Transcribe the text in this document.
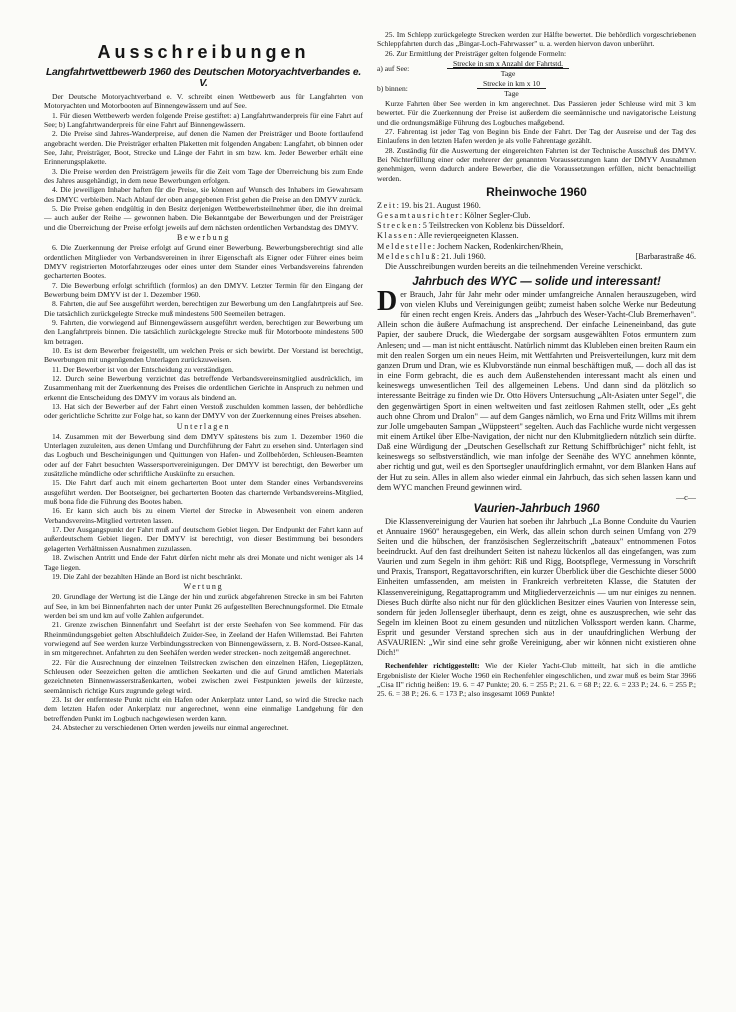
Ausschreibungen
Langfahrtwettbewerb 1960 des Deutschen Motoryachtverbandes e. V.

Der Deutsche Motoryachtverband e. V. schreibt einen Wettbewerb aus für Langfahrten von Motoryachten und Motorbooten auf Binnengewässern und auf See.

1. Für diesen Wettbewerb werden folgende Preise gestiftet: a) Langfahrtwanderpreis für eine Fahrt auf See; b) Langfahrtwanderpreis für eine Fahrt auf Binnengewässern.

2. Die Preise sind Jahres-Wanderpreise, auf denen die Namen der Preisträger und Boote fortlaufend angebracht werden. Die Preisträger erhalten Plaketten mit folgenden Angaben: Langfahrt, ob binnen oder See, Jahr, Preisträger, Boot, Strecke und Länge der Fahrt in sm bzw. km. Jeder Bewerber erhält eine Erinnerungsplakette.

3. Die Preise werden den Preisträgern jeweils für die Zeit vom Tage der Überreichung bis zum Ende des Jahres ausgehändigt, in dem neue Bewerbungen erfolgen.

4. Die jeweiligen Inhaber haften für die Preise, sie können auf Wunsch des Inhabers im Gewahrsam des DMYC verbleiben. Nach Ablauf der oben angegebenen Frist gehen die Preise an den DMYV zurück.

5. Die Preise gehen endgültig in den Besitz derjenigen Wettbewerbsteilnehmer über, die ihn dreimal — auch außer der Reihe — gewonnen haben. Die Bekanntgabe der Bewerbungen und der Preisträger und die Überreichung der Preise erfolgt jeweils auf dem nächsten ordentlichen Verbandstag des DMYV.

Bewerbung

6. Die Zuerkennung der Preise erfolgt auf Grund einer Bewerbung. Bewerbungsberechtigt sind alle ordentlichen Mitglieder von Verbandsvereinen in ihrer Eigenschaft als Eigner oder Führer eines beim DMYV registrierten Motorfahrzeuges oder eines unter dem Stander eines Verbandsvereins fahrenden gecharterten Bootes.

7. Die Bewerbung erfolgt schriftlich (formlos) an den DMYV. Letzter Termin für den Eingang der Bewerbung beim DMYV ist der 1. Dezember 1960.

8. Fahrten, die auf See ausgeführt werden, berechtigen zur Bewerbung um den Langfahrtpreis auf See. Die tatsächlich zurückgelegte Strecke muß mindestens 500 Seemeilen betragen.

9. Fahrten, die vorwiegend auf Binnengewässern ausgeführt werden, berechtigen zur Bewerbung um den Langfahrtpreis binnen. Die tatsächlich zurückgelegte Strecke muß für Motorboote mindestens 500 km betragen.

10. Es ist dem Bewerber freigestellt, um welchen Preis er sich bewirbt. Der Vorstand ist berechtigt, Bewerbungen mit ungenügenden Unterlagen zurückzuweisen.

11. Der Bewerber ist von der Entscheidung zu verständigen.

12. Durch seine Bewerbung verzichtet das betreffende Verbandsvereinsmitglied ausdrücklich, im Zusammenhang mit der Zuerkennung des Preises die ordentlichen Gerichte in Anspruch zu nehmen und erkennt die Entscheidung des DMYV im voraus als bindend an.

13. Hat sich der Bewerber auf der Fahrt einen Verstoß zuschulden kommen lassen, der behördliche oder gerichtliche Schritte zur Folge hat, so kann der DMYV von der Zuerkennung eines Preises absehen.

Unterlagen

14. Zusammen mit der Bewerbung sind dem DMYV spätestens bis zum 1. Dezember 1960 die Unterlagen zuzuleiten, aus denen Umfang und Durchführung der Fahrt zu ersehen sind. Unterlagen sind das Logbuch und Bescheinigungen und Quittungen von Hafen- und Zollbehörden, Schleusen-Beamten oder auf der Fahrt besuchten Wassersportvereinigungen. Der DMYV ist berechtigt, den Bewerber um zusätzliche mündliche oder schriftliche Auskünfte zu ersuchen.

15. Die Fahrt darf auch mit einem gecharterten Boot unter dem Stander eines Verbandsvereins ausgeführt werden. Der Bootseigner, bei gecharterten Booten das charternde Verbandsvereins-Mitglied, muß bona fide die Führung des Bootes haben.

16. Er kann sich auch bis zu einem Viertel der Strecke in Abwesenheit von einem anderen Verbandsvereins-Mitglied vertreten lassen.

17. Der Ausgangspunkt der Fahrt muß auf deutschem Gebiet liegen. Der Endpunkt der Fahrt kann auf außerdeutschem Gebiet liegen. Der DMYV ist berechtigt, von dieser Bestimmung bei besonders gelagerten Verhältnissen Ausnahmen zuzulassen.

18. Zwischen Antritt und Ende der Fahrt dürfen nicht mehr als drei Monate und nicht weniger als 14 Tage liegen.

19. Die Zahl der bezahlten Hände an Bord ist nicht beschränkt.

Wertung

20. Grundlage der Wertung ist die Länge der hin und zurück abgefahrenen Strecke in sm bei Fahrten auf See, in km bei Binnenfahrten nach der unter Punkt 26 aufgestellten Berechnungsformel. Die Etmale werden bei sm und km auf volle Zahlen aufgerundet.

21. Grenze zwischen Binnenfahrt und Seefahrt ist der erste Seehafen von See kommend. Für das Rheinmündungsgebiet gelten Abschlußdeich Zuider-See, in Zeeland der Hafen Willemstad. Bei Fahrten vorwiegend auf See werden kurze Verbindungsstrecken von Binnengewässern, z. B. Nord-Ostsee-Kanal, in sm mitgerechnet. Anfahrten zu den Seehäfen werden weder strecken- noch zeitgemäß angerechnet.

22. Für die Ausrechnung der einzelnen Teilstrecken zwischen den einzelnen Häfen, Liegeplätzen, Schleusen oder Seezeichen gelten die amtlichen Seekarten und die auf Grund amtlichen Materials gezeichneten Binnenwasserstraßenkarten, wobei zwischen zwei Festpunkten jeweils der kürzeste, seemännisch richtige Kurs zugrunde gelegt wird.

23. Ist der entfernteste Punkt nicht ein Hafen oder Ankerplatz unter Land, so wird die Strecke nach dem letzten Hafen oder Ankerplatz nur angerechnet, wenn eine einmalige Landgehung für den betreffenden Punkt im Logbuch nachgewiesen werden kann.

24. Abstecher zu verschiedenen Orten werden jeweils nur einmal angerechnet.

25. Im Schlepp zurückgelegte Strecken werden zur Hälfte bewertet. Die behördlich vorgeschriebenen Schleppfahrten durch das „Bingar-Loch-Fahrwasser" u. a. werden hiervon davon unberührt.

26. Zur Ermittlung der Preisträger gelten folgende Formeln:

a) auf See:	$\frac{\text{Strecke in sm x Anzahl der Fahrtstd.}}{\text{Tage}}$
b) binnen:	$\frac{\text{Strecke in km x 10}}{\text{Tage}}$

Kurze Fahrten über See werden in km angerechnet. Das Passieren jeder Schleuse wird mit 3 km bewertet. Für die Zuerkennung der Preise ist außerdem die seemännische und navigatorische Leistung und die ordnungsmäßige Führung des Logbuches maßgebend.

27. Fahrentag ist jeder Tag von Beginn bis Ende der Fahrt. Der Tag der Ausreise und der Tag des Einlaufens in den letzten Hafen werden je als volle Fahrentage gezählt.

28. Zuständig für die Auswertung der eingereichten Fahrten ist der Technische Ausschuß des DMYV. Bei Nichterfüllung einer oder mehrerer der genannten Voraussetzungen kann der DMYV Ausnahmen genehmigen, wenn dadurch andere Bewerber, die die Voraussetzungen erfüllen, nicht benachteiligt werden.

Rheinwoche 1960

Zeit: 19. bis 21. August 1960.

Gesamtausrichter: Kölner Segler-Club.

Strecken: 5 Teilstrecken von Koblenz bis Düsseldorf.

Klassen: Alle revierqeeigneten Klassen.

Meldestelle: Jochem Nacken, Rodenkirchen/Rhein,

Meldeschluß: 21. Juli 1960.	[Barbarastraße 46.

Die Ausschreibungen wurden bereits an die teilnehmenden Vereine verschickt.

Jahrbuch des WYC — solide und interessant!

Der Brauch, Jahr für Jahr mehr oder minder umfangreiche Annalen herauszugeben, wird von vielen Klubs und Vereinigungen geübt; zumeist haben solche Werke nur Bedeutung für einen recht engen Kreis. Anders das „Jahrbuch des Weser-Yacht-Club Bremerhaven". Allein schon die äußere Aufmachung ist ansprechend. Der einfache Leineneinband, das gute Papier, der saubere Druck, die Wiedergabe der sorgsam ausgewählten Fotos ermuntern zum Anlesen; und — man ist nicht enttäuscht. Natürlich nimmt das Klubleben einen breiten Raum ein mit den realen Sorgen um ein neues Heim, mit Wettfahrten und Preisverteilungen, kurz mit dem ganzen Drum und Dran, wie es Klubvorstände nun einmal beschäftigen muß, — doch all das ist in eine Form gebracht, die es auch dem Außenstehenden interessant macht als einen und keineswegs unwesentlichen Teil des allgemeinen Lebens. Und dann sind da plötzlich so interessante Beiträge zu finden wie Dr. Otto Hövers Untersuchung „Alt-Asiaten unter Segel", die den gegenwärtigen Sport in einen weltweiten und fast zeitlosen Rahmen stellt, oder „Es geht auch ohne Chrom und Dralon" — auf dem Ganges nämlich, wo Erna und Fritz Willms mit ihrem zur Jolle umgebauten Sampan „Wüppsteert" segelten. Auch das Fachliche wurde nicht vergessen mit einem Artikel über Elbe-Navigation, der nicht nur den Klubmitgliedern nützlich sein dürfte. Daß eine Würdigung der „Deutschen Gesellschaft zur Rettung Schiffbrüchiger" nicht fehlt, ist keineswegs so selbstverständlich, wie man infolge der Seenähe des WYC annehmen könnte, aber richtig und gut, weil es den Sportsegler unaufdringlich ermahnt, vor dem Blanken Hans auf der Hut zu sein. Alles in allem also wieder einmal ein Jahrbuch, das sich sehen lassen kann und dem WYC manchen Freund gewinnen wird.

—c—
Vaurien-Jahrbuch 1960

Die Klassenvereinigung der Vaurien hat soeben ihr Jahrbuch „La Bonne Conduite du Vaurien et Annuaire 1960" herausgegeben, ein Werk, das allein schon durch seinen Umfang von 279 Seiten und die hübschen, der französischen Seglerzeitschrift „bateaux" entnommenen Fotos beeindruckt. Auf den fast dreihundert Seiten ist nahezu lückenlos all das eingefangen, was zum Vaurien und zum Segeln in ihm gehört: Riß und Rigg, Bootspflege, Vermessung in Vorschrift und Praxis, Transport, Regattavorschriften, ein kurzer Überblick über die Geschichte dieser 5000 Einheiten umfassenden, am meisten in Frankreich verbreiteten Klasse, die Statuten der Klassenvereinigung, Regattaprogramm und Mitgliederverzeichnis — um nur einiges zu nennen. Dieses Buch dürfte also nicht nur für den glücklichen Besitzer eines Vaurien von Interesse sein, sondern für jeden Jollensegler überhaupt, denn es zeigt, ohne es auszusprechen, wie sehr das Segeln im kleinen Boot zu einem gesunden und nützlichen Volkssport werden kann. Charme, Esprit und gesunder Verstand sprechen sich aus in der unaufdringlichen Werbung der ASVAURIEN: „Wir sind eine sehr große Vereinigung, aber wir können nicht existieren ohne Dich!"

Rechenfehler richtiggestellt: Wie der Kieler Yacht-Club mitteilt, hat sich in die amtliche Ergebnisliste der Kieler Woche 1960 ein Rechenfehler eingeschlichen, und zwar muß es beim Star 3966 „Cisa II" richtig heißen: 19. 6. = 47 Punkte; 20. 6. = 255 P.; 21. 6. = 68 P.; 22. 6. = 233 P.; 24. 6. = 255 P.; 25. 6. = 38 P.; 26. 6. = 173 P.; also insgesamt 1069 Punkte!
